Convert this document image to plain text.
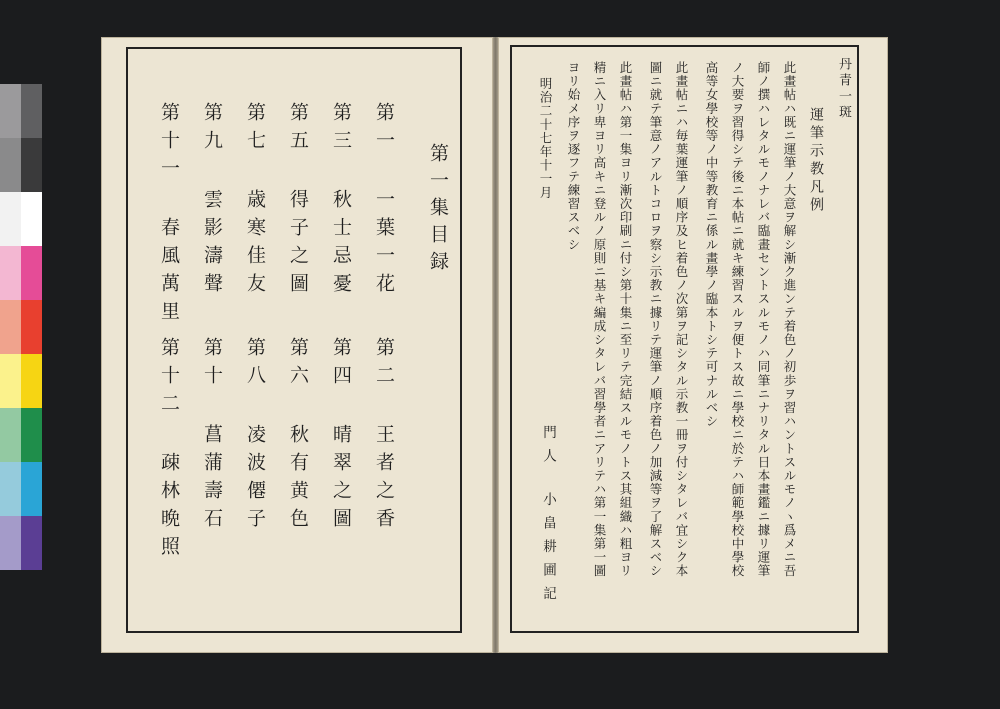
第一集目録
第一 一葉一花
第三 秋士忌憂
第五 得子之圖
第七 歳寒佳友
第九 雲影濤聲
第十一 春風萬里
第二 王者之香
第四 晴翠之圖
第六 秋有黄色
第八 凌波僊子
第十 菖蒲壽石
第十二 疎林晩照
丹青一斑
運筆示教凡例
此畫帖ハ既ニ運筆ノ大意ヲ解シ漸ク進ンテ着色ノ初歩ヲ習ハントスルモノヽ爲メニ吾
師ノ撰ハレタルモノナレバ臨畫セントスルモノハ同筆ニナリタル日本畫鑑ニ據リ運筆
ノ大要ヲ習得シテ後ニ本帖ニ就キ練習スルヲ便トス故ニ學校ニ於テハ師範學校中學校
高等女學校等ノ中等教育ニ係ル畫學ノ臨本トシテ可ナルベシ
此畫帖ニハ毎葉運筆ノ順序及ヒ着色ノ次第ヲ記シタル示教一冊ヲ付シタレバ宜シク本
圖ニ就テ筆意ノアルトコロヲ察シ示教ニ據リテ運筆ノ順序着色ノ加減等ヲ了解スベシ
此畫帖ハ第一集ヨリ漸次印刷ニ付シ第十集ニ至リテ完結スルモノトス其組織ハ粗ヨリ
精ニ入リ卑ヨリ高キニ登ルノ原則ニ基キ編成シタレバ習學者ニアリテハ第一集第一圖
ヨリ始メ序ヲ逐フテ練習スベシ
明治二十七年十一月
門人
小畠耕圃記
